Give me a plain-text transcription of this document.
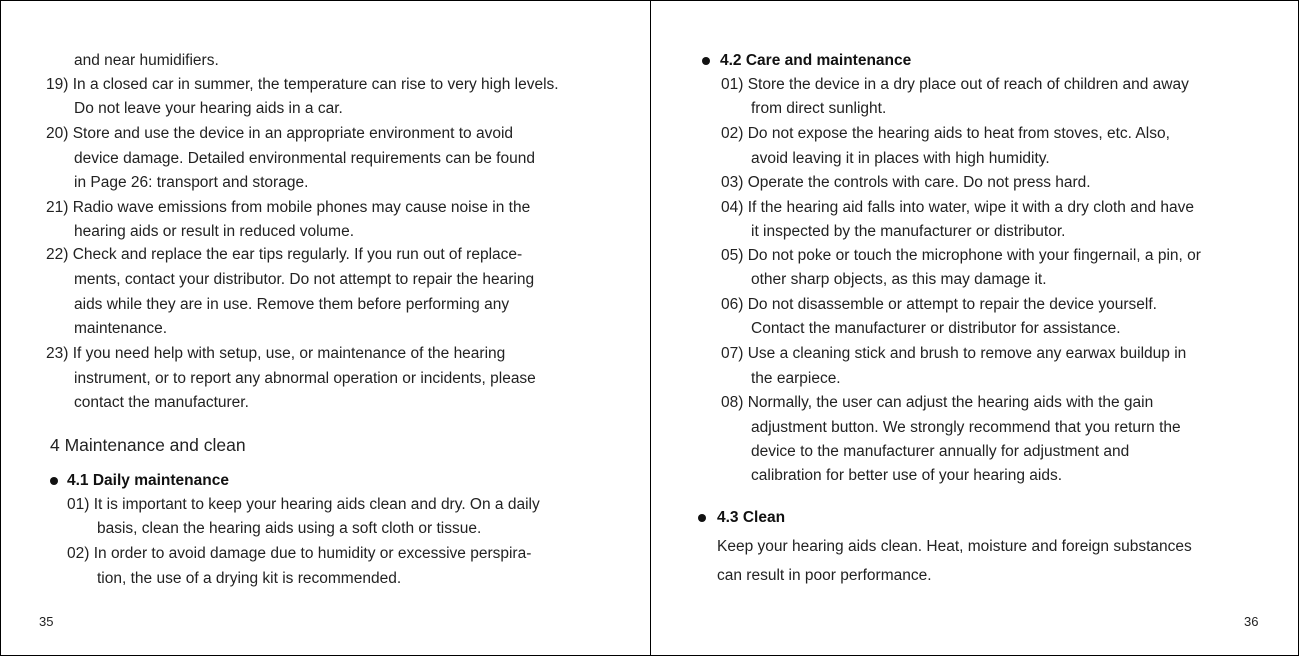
and near humidifiers.
19) In a closed car in summer, the temperature can rise to very high levels.
Do not leave your hearing aids in a car.
20) Store and use the device in an appropriate environment to avoid
device damage. Detailed environmental requirements can be found
in Page 26: transport and storage.
21) Radio wave emissions from mobile phones may cause noise in the
hearing aids or result in reduced volume.
22) Check and replace the ear tips regularly. If you run out of replace-
ments, contact your distributor. Do not attempt to repair the hearing
aids while they are in use. Remove them before performing any
maintenance.
23) If you need help with setup, use, or maintenance of the hearing
instrument, or to report any abnormal operation or incidents, please
contact the manufacturer.
4 Maintenance and clean
4.1 Daily maintenance
01) It is important to keep your hearing aids clean and dry. On a daily
basis, clean the hearing aids using a soft cloth or tissue.
02) In order to avoid damage due to humidity or excessive perspira-
tion, the use of a drying kit is recommended.
35
4.2 Care and maintenance
01) Store the device in a dry place out of reach of children and away
from direct sunlight.
02) Do not expose the hearing aids to heat from stoves, etc. Also,
avoid leaving it in places with high humidity.
03) Operate the controls with care. Do not press hard.
04) If the hearing aid falls into water, wipe it with a dry cloth and have
it inspected by the manufacturer or distributor.
05) Do not poke or touch the microphone with your fingernail, a pin, or
other sharp objects, as this may damage it.
06) Do not disassemble or attempt to repair the device yourself.
Contact the manufacturer or distributor for assistance.
07) Use a cleaning stick and brush to remove any earwax buildup in
the earpiece.
08) Normally, the user can adjust the hearing aids with the gain
adjustment button. We strongly recommend that you return the
device to the manufacturer annually for adjustment and
calibration for better use of your hearing aids.
4.3 Clean
Keep your hearing aids clean. Heat, moisture and foreign substances
can result in poor performance.
36
